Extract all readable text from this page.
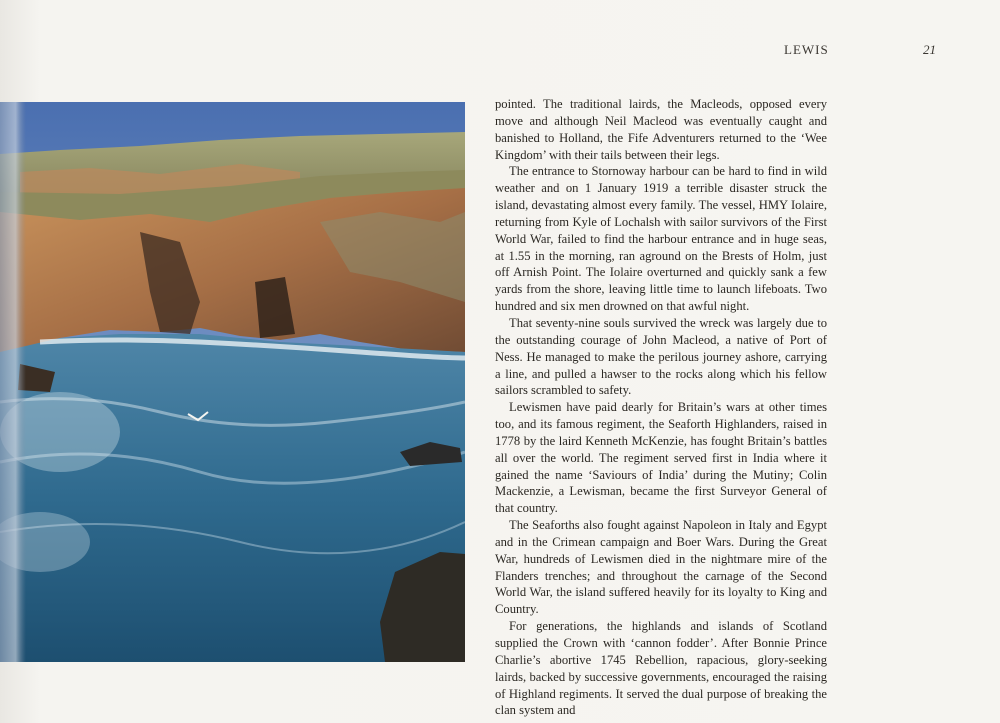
LEWIS	21

pointed. The traditional lairds, the Macleods, opposed every move and although Neil Macleod was eventually caught and banished to Holland, the Fife Adventurers returned to the ‘Wee Kingdom’ with their tails between their legs.

The entrance to Stornoway harbour can be hard to find in wild weather and on 1 January 1919 a terrible disaster struck the island, devastating almost every family. The vessel, HMY Iolaire, returning from Kyle of Lochalsh with sailor survivors of the First World War, failed to find the harbour entrance and in huge seas, at 1.55 in the morning, ran aground on the Brests of Holm, just off Arnish Point. The Iolaire overturned and quickly sank a few yards from the shore, leaving little time to launch lifeboats. Two hundred and six men drowned on that awful night.

That seventy-nine souls survived the wreck was largely due to the outstanding courage of John Macleod, a native of Port of Ness. He managed to make the perilous journey ashore, carrying a line, and pulled a hawser to the rocks along which his fellow sailors scrambled to safety.

Lewismen have paid dearly for Britain’s wars at other times too, and its famous regiment, the Seaforth Highlanders, raised in 1778 by the laird Kenneth McKenzie, has fought Britain’s battles all over the world. The regiment served first in India where it gained the name ‘Saviours of India’ during the Mutiny; Colin Mackenzie, a Lewisman, became the first Surveyor General of that country.

The Seaforths also fought against Napoleon in Italy and Egypt and in the Crimean campaign and Boer Wars. During the Great War, hundreds of Lewismen died in the nightmare mire of the Flanders trenches; and throughout the carnage of the Second World War, the island suffered heavily for its loyalty to King and Country.

For generations, the highlands and islands of Scotland supplied the Crown with ‘cannon fodder’. After Bonnie Prince Charlie’s abortive 1745 Rebellion, rapacious, glory-seeking lairds, backed by successive governments, encouraged the raising of Highland regiments. It served the dual purpose of breaking the clan system and
